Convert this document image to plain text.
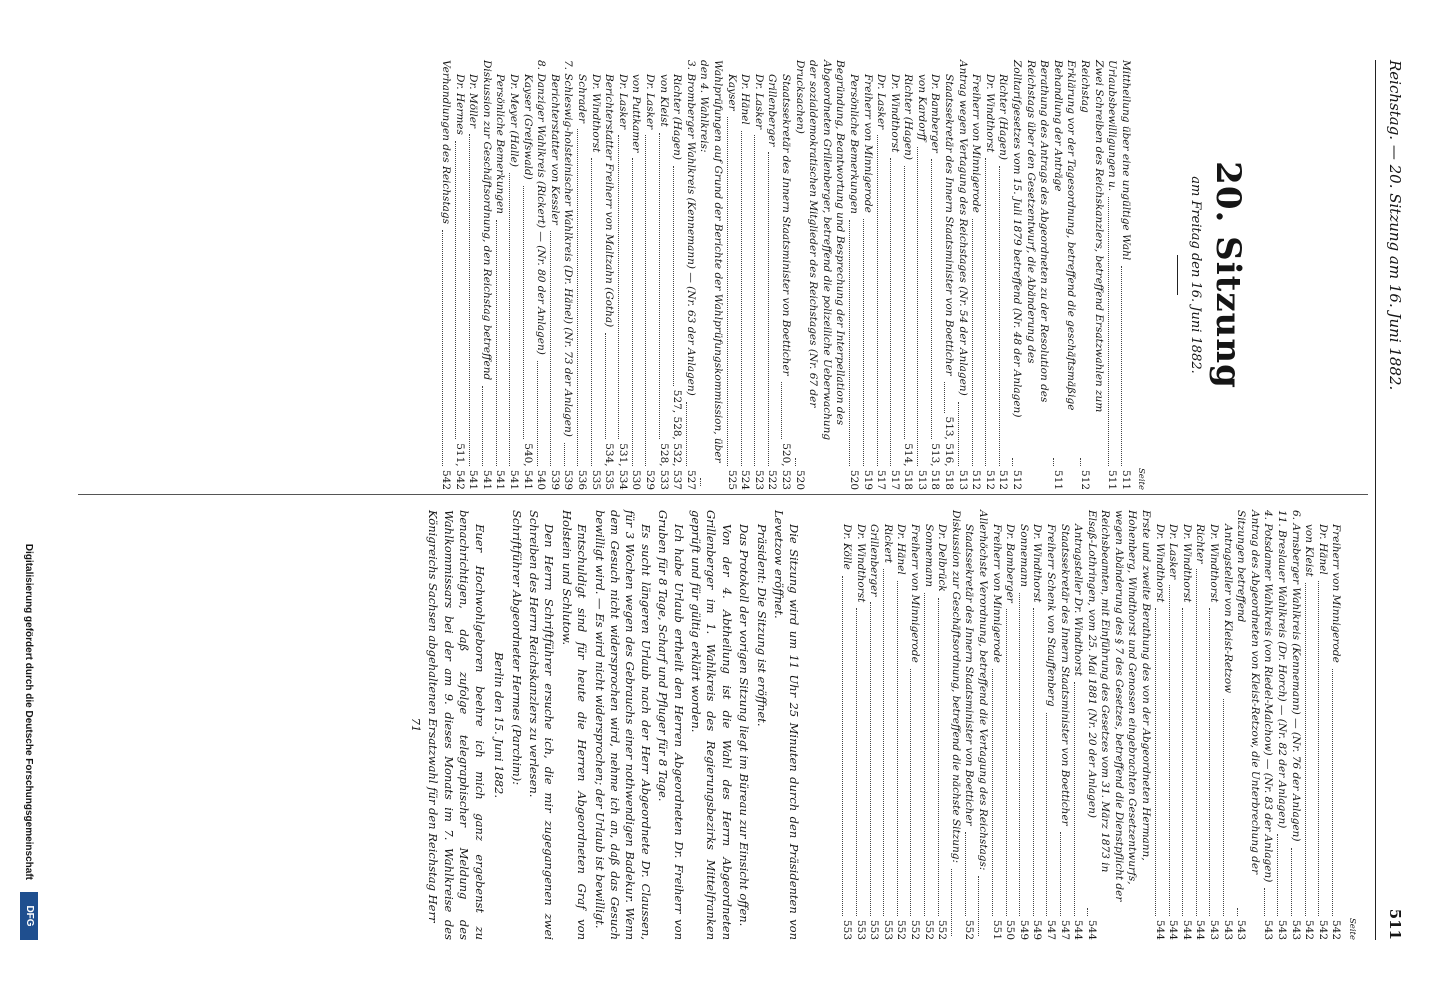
Reichstag. — 20. Sitzung am 16. Juni 1882.
511
20. Sitzung
am Freitag den 16. Juni 1882.
Seite
Mittheilung über eine ungültige Wahl
511
Urlaubsbewilligungen u.
511
Zwei Schreiben des Reichskanzlers, betreffend Ersatzwahlen zum Reichstag
512
Erklärung vor der Tagesordnung, betreffend die geschäftsmäßige Behandlung der Anträge
511
Berathung des Antrags des Abgeordneten zu der Resolution des Reichstags über den Gesetzentwurf, die Abänderung des Zolltarifgesetzes vom 15. Juli 1879 betreffend (Nr. 48 der Anlagen)
512
Richter (Hagen)
512
Dr. Windthorst
512
Freiherr von Minnigerode
512
Antrag wegen Vertagung des Reichstages (Nr. 54 der Anlagen)
513
Staatssekretär des Innern Staatsminister von Boetticher
513, 516, 518
Dr. Bamberger
513, 518
von Kardorff
513
Richter (Hagen)
514, 518
Dr. Windthorst
517
Dr. Lasker
517
Freiherr von Minnigerode
519
Persönliche Bemerkungen
520
Begründung, Beantwortung und Besprechung der Interpellation des Abgeordneten Grillenberger, betreffend die polizeiliche Ueberwachung der sozialdemokratischen Mitglieder des Reichstages (Nr. 67 der Drucksachen)
520
Staatssekretär des Innern Staatsminister von Boetticher
520, 523
Grillenberger
522
Dr. Lasker
523
Dr. Hänel
524
Kayser
525
Wahlprüfungen auf Grund der Berichte der Wahlprüfungskommission, über den 4. Wahlkreis:
3. Bromberger Wahlkreis (Kennemann) — (Nr. 63 der Anlagen)
527
Richter (Hagen)
527, 528, 532, 537
von Kleist
528, 533
Dr. Lasker
529
von Puttkamer
530
Dr. Lasker
531, 534
Berichterstatter Freiherr von Maltzahn (Gotha)
534, 535
Dr. Windthorst
535
Schrader
536
7. Schleswig-holsteinischer Wahlkreis (Dr. Hänel) (Nr. 73 der Anlagen)
539
Berichterstatter von Kessler
539
8. Danziger Wahlkreis (Rickert) — (Nr. 80 der Anlagen)
540
Kayser (Greifswald)
540, 541
Dr. Meyer (Halle)
541
Persönliche Bemerkungen
541
Diskussion zur Geschäftsordnung, den Reichstag betreffend
541
Dr. Möller
541
Dr. Hermes
511, 542
Verhandlungen des Reichstags
542
Seite
Freiherr von Minnigerode
542
Dr. Hänel
542
von Kleist
542
6. Arnsberger Wahlkreis (Kennemann) — (Nr. 76 der Anlagen)
543
11. Breslauer Wahlkreis (Dr. Horch) — (Nr. 82 der Anlagen)
543
4. Potsdamer Wahlkreis (von Riedel-Malchow) — (Nr. 83 der Anlagen)
543
Antrag des Abgeordneten von Kleist-Retzow, die Unterbrechung der Sitzungen betreffend
543
Antragsteller von Kleist-Retzow
543
Dr. Windthorst
543
Richter
544
Dr. Windthorst
544
Dr. Lasker
544
Dr. Windthorst
544
Erste und zweite Berathung des von der Abgeordneten Hermann, Hohenberg, Windthorst und Genossen eingebrachten Gesetzentwurfs, wegen Abänderung des § 7 des Gesetzes, betreffend die Dienstpflicht der Reichsbeamten, mit Einführung des Gesetzes vom 31. März 1873 in Elsaß-Lothringen, vom 25. Mai 1881 (Nr. 20 der Anlagen)
544
Antragsteller Dr. Windthorst
544
Staatssekretär des Innern Staatsminister von Boetticher
547
Freiherr Schenk von Stauffenberg
547
Dr. Windthorst
549
Sonnemann
549
Dr. Bamberger
550
Freiherr von Minnigerode
551
Allerhöchste Verordnung, betreffend die Vertagung des Reichstags:
Staatssekretär des Innern Staatsminister von Boetticher
552
Diskussion zur Geschäftsordnung, betreffend die nächste Sitzung:
Dr. Delbrück
552
Sonnemann
552
Freiherr von Minnigerode
552
Dr. Hänel
552
Rickert
553
Grillenberger
553
Dr. Windthorst
553
Dr. Kölle
553

Die Sitzung wird um 11 Uhr 25 Minuten durch den Präsidenten von Levetzow eröffnet.

Präsident: Die Sitzung ist eröffnet.

Das Protokoll der vorigen Sitzung liegt im Büreau zur Einsicht offen.

Von der 4. Abtheilung ist die Wahl des Herrn Abgeordneten Grillenberger im 1. Wahlkreis des Regierungsbezirks Mittelfranken geprüft und für gültig erklärt worden.

Ich habe Urlaub ertheilt den Herren Abgeordneten Dr. Freiherr von Gruben für 8 Tage, Scharf und Pfluger für 8 Tage.

Es sucht längeren Urlaub nach der Herr Abgeordnete Dr. Claussen, für 3 Wochen wegen des Gebrauchs einer nothwendigen Badekur. Wenn dem Gesuch nicht widersprochen wird, nehme ich an, daß das Gesuch bewilligt wird. — Es wird nicht widersprochen; der Urlaub ist bewilligt.

Entschuldigt sind für heute die Herren Abgeordneten Graf von Holstein und Schlutow.

Den Herrn Schriftführer ersuche ich, die mir zugegangenen zwei Schreiben des Herrn Reichskanzlers zu verlesen.

Schriftführer Abgeordneter Hermes (Parchim):

Berlin den 15. Juni 1882.

Euer Hochwohlgeboren beehre ich mich ganz ergebenst zu benachrichtigen, daß zufolge telegraphischer Meldung des Wahlkommissars bei der am 9. dieses Monats im 7. Wahlkreise des Königreichs Sachsen abgehaltenen Ersatzwahl für den Reichstag Herr

71
Digitalisierung gefördert durch die Deutsche Forschungsgemeinschaft
DFG
